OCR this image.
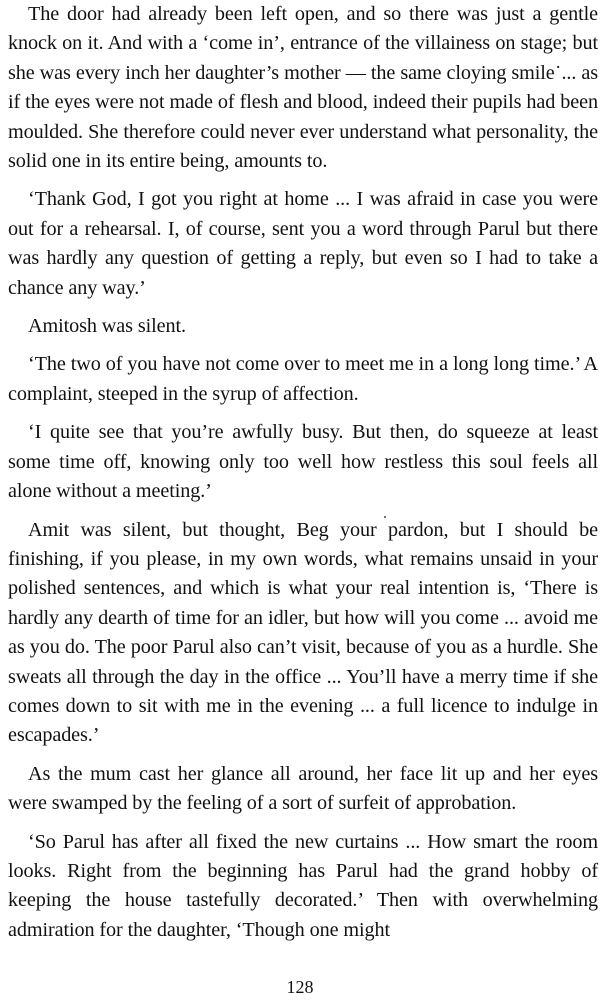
The door had already been left open, and so there was just a gentle knock on it. And with a ‘come in’, entrance of the villainess on stage; but she was every inch her daughter’s mother — the same cloying smile˙... as if the eyes were not made of flesh and blood, indeed their pupils had been moulded. She therefore could never ever understand what personality, the solid one in its entire being, amounts to.

‘Thank God, I got you right at home ... I was afraid in case you were out for a rehearsal. I, of course, sent you a word through Parul but there was hardly any question of getting a reply, but even so I had to take a chance any way.’

Amitosh was silent.

‘The two of you have not come over to meet me in a long long time.’ A complaint, steeped in the syrup of affection.

‘I quite see that you’re awfully busy. But then, do squeeze at least some time off, knowing only too well how restless this soul feels all alone without a meeting.’

Amit was silent, but thought, Beg your pardon, but I should be finishing, if you please, in my own words, what remains unsaid in your polished sentences, and which is what your real intention is, ‘There is hardly any dearth of time for an idler, but how will you come ... avoid me as you do. The poor Parul also can’t visit, because of you as a hurdle. She sweats all through the day in the office ... You’ll have a merry time if she comes down to sit with me in the evening ... a full licence to indulge in escapades.’

As the mum cast her glance all around, her face lit up and her eyes were swamped by the feeling of a sort of surfeit of approbation.

‘So Parul has after all fixed the new curtains ... How smart the room looks. Right from the beginning has Parul had the grand hobby of keeping the house tastefully decorated.’ Then with overwhelming admiration for the daughter, ‘Though one might

128
